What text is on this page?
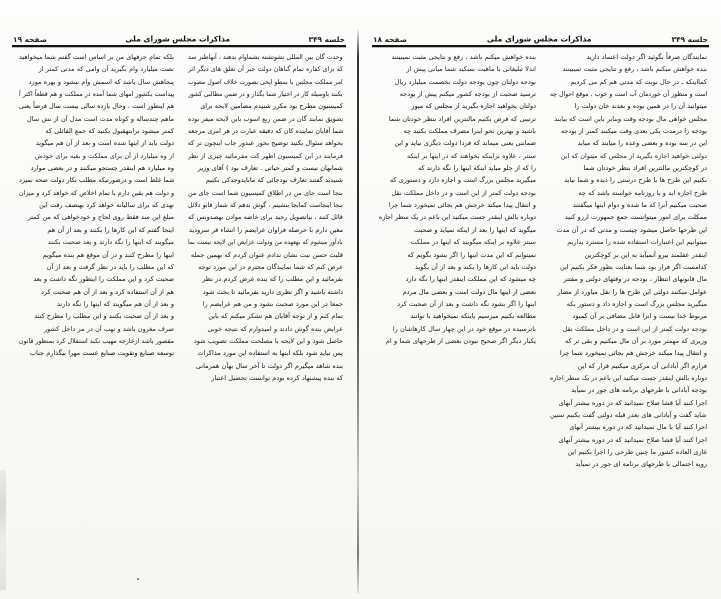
جلسه ۳۴۹
مذاکرات مجلس شورای ملی
صفحه ۱۸
نمایندگان صرفاً بگوئید اگر دولت اعتماد دارید
بنده خواهش میکنم باشد ، رفع و نتایجی مثبت نمیبینند
کمااینکه ـ در حال نوبت که مدتی هم کم می کردیم
است و منظور آن خوردمان آب است و خوب ، موقع احوال چه
میتوانید آن را در همین بوده و بعدند خان دولت را
مجلس خواهی مال بودجه وقت وبنابر باین است که بیابند
بودجه را درمدت یکی بعدی وقت میکنند کمتر از بودجه
این در سه بوده و بعضی وعده را میایند که میاید
دولتی خواهید اجازه بگیرید از مجلس که میتوان که این
در کوچکترین مالنترین افراد بنظر خودتان شما
بکنیم این طرح ها با طرح درستی را دیده و شما نیاید
طرح اجازه اید و با روزنامه خواسته باشد که چه
صحبت میکنیم آنرا که ما شده و دوام اینها میگفتند
ممکلت برای امور میتوانست جمع جمهورت ارزو کنید
این طرحها حاصل میشود چیست و مدتی که در آن مدت
میتوانیم این اعتبارات استفاده شده را مسترد بداریم
اینقدر عقلمند بیرو آنمیآید به این بر کوچکترین
کدامست اگر فرار بود شما بعنایت بطور فکر بکنیم این
مال قانونهای انتظار ، بودجه در وقتهای دولتی و مفتتر
عوامل میکنند دولتی این طرح ها را نقل میاورد از مضار
میگیرید مجلس بزرگ است و اجازه داد و دستور بکه
مربوط خدا نیست و انرا قابل مضافی بر آن کمبود
بودجه دولت کمتر از این است و در داخل مملکت نقل
وزیری که مهمتر مورد بر آن مال میکنیم و بقی تر که
و انتقال پیدا میکند خرجش هم بجائی نمیخورد شما چرا
فرارم اگر آبادانی آن مرکزی میکنیم قرار که این
دوباره بالش اینقدر جست میکنید این باعم در یک سطر اجازه
بودجه آبادانی با طرحهای برنامه های جور در نمیآید
اجرا کنند آیا قشا صلاح نمیدانید که در دوره بیشتر آنهای
شاید گفت و آبادانی های بعدر قبله دولتی گفت یکنیم ستین
احرا کنند آیا با مال نمیدانید که در دوره بیشتر آنهای
اجرا کنند آیا قشا صلاح نمیدانید که در دوره بیشتر آنهای
غازی العاده کشور ما چنین طرحی را اجرا بکنیم این
رویه احتمالی با طرحهای برنامه ای جور در نمیآید
بنده خواهش میکنم باشد ، رفع و نتایجی مثبت نمیبینند
اندلا تبلیغاتی با ماهیت بسکید شما میانی پیش از
بودجه دولتان چون بودجه دولت بخصمت میلیارد ریال
ترسید صحبت از بودجه کشور میکنم پیش از بودجه
دولتان بخواهید اجازه بگیرید از مجلس که مبور
ترتیبی که فرض بکنیم مالنترین افراد بنظر خودتان شما
باشید و بهترین نحو اینرا مصرف مملکت بکنید چه
ضمانتی یعنی میماند که فردا دولت دیگری نیاید و این
سنتر ، علاوه براینکه بخواهند که در اینها بر اینکه
را که از جلو میاید اینکه اینها را نگه دارند که
میگیرید مجلس بزرگ است و اجازه دارد و دستوری که
بودجه دولت کمتر از این است و در داخل مملکت نقل
و انتقال پیدا میکند خرجش هم بجائی نمیخورد شما چرا
دوباره بالش اینقدر جست میکنید این باعم در یک سطر اجازه
میگوید که اینها را بعد از اینکه نمیاید و صحبت
سنتر علاوه بر اینکه میگویند که اینها در مملکت
نمیتوانم که این مدت اینها را اگر بشود بگویم که
دولت باید این کارها را بکند و بعد از آن بگوید
چه میشود که این مملکت اینقدر اینها را نگه دارد
بعضی از اینها مال دولت است و بعضی مال مردم
اینها را اگر بشود نگه داشت و بعد از آن صحبت کرد
مطالعه بکنیم میرسیم باینکه نمیخواهید با توانند
باترسیده در موقع خود در این چهار سال کارهاشان را
یکبار دیگر اگر صحیح نبودن بعضی از طرحهای شما و ام
جلسه ۳۴۹
مذاکرات مجلس شورای ملی
صفحه ۱۹
وحدت گان بین المللی نشوتشته بشماوام بدهند ، آنهاطبر سد
که برای کفاره تمام گناهان دولت جبر آن تعلق های دیگر اثر
امر مملکت مجلس با بمطو ایحی بصورت خلاف اصول مصوب
بکنند باوسیله کار در اختیار شما بگذار و در ضمن مطالبی کشور
کمیسیون مطرح بود مکرر شنیدم مضامین لایحه برای
تصویق نمایند گان در ضمن ربع اسوب باین لایحه میفر بوده
شما آقایان نماینده کان که دقیقه عبارت در هر امری مرجعه
بخواهد سئوال بکنید توضیح بخور عبدور جاب اینچون تر که
فرمایند در این کمیسیون اظهر کت مفرمائید چیزی از نظر
شمایهان نیست و کمتر حیاتی . تعارف بود ) آقای وزیر
شنیدید گفتند تعارف بودجائی که مابایدوجدکی بکنیم
بنجا است جای من در اطلاق کمیسیون شما است جای من
بنجا اینجاست کمابجا بنشیتم ، گوش بدهم که شمار قابو دلائل
قائل کنند ، بیاتصویل رحید برای خاضه موادن بهصدوبس که
مغین دارم با حرصله فراوان عرایضم را انشاء قر سرودید
بادآور میشوم که بهعهده من ودولت عزایض این لایحه نیست بما
قلبت حسن نیت نشان ندادم عنوان کردم که بهمین جمله
عرض کنم که شما نمایندگان محترم در این مورد توجه
بفرمائید و این مطلب را که بنده عرض کردم در نظر
داشته باشید و اگر نظری دارید بفرمائید تا بحث شود
جمعا در این مورد صحبت بشود و من هم عرایضم را
تمام کنم و از توجه آقایان هم تشکر میکنم که باین
عرایض بنده گوش دادند و امیدوارم که نتیجه خوبی
حاصل شود و این لایحه با مصلحت مملکت تصویب شود
پس نباید شود بلکه اینها به استفاده این مورد مذاکرات
بنده شاهد میگیرم اگر دولت تا آخر سال بهآن همزمانی
که بنده پیشنهاد کرده بودم توانست تحصیل اعتبار
بلکه تمام حرفهای من بر اساس است گفتم شما میخواهید
نصت میلیارد وام بگیرید آن وامی که مدتی کمتر از
پنجاهش سال باشد که اسمش وام نبشود و بهره مورد
پیداست بکشور امهای شما آمده در مملکت و هم قطعاً اکثر آ
هم اینطور است ، وحال یازده سالی بیست سال فرضاً یعنی
ماهم چندساله و کوتاه مدت است مدل آن از نش سال
کمتر میشود برایتهقبول بکنید که جمع الفائلی که
دولت یابد از اینها شده است و بعد از آن هم میگوید
از وه میلیارد از آن برای مملکت و بقیه برای خودش
وه میلیارد هم اینقدر جستجو میکنند و در بعضی موارد
شما غلط است و درصورتیکه مطلب بکار دولت صحه نمیزد
و دولت هم یقین دارم با تمام اخلاص که خواهد کرد و میزان
تهدی که برای سالیانه خواهد کرد بهنصف رفت این
مبلغ این سد فقط روی لجاج و خودخواهی که من کمتر
اینجا گفتم که این کارها را بکنند و بعد از آن هم
میگویند که اینها را نگه دارند و بعد صحبت بکنند
اینها را مطرح کنند و در آن موقع هم بنده میگویم
که این مطلب را باید در نظر گرفت و بعد از آن
صحبت کرد و این مملکت را اینطور نگه داشت و بعد
هم از آن استفاده کرد و بعد از آن هم صحبت کرد
و بعد از آن هم میگویند که اینها را نگه دارند
و بعد از آن صحبت بکنند و این مطلب را مطرح کنند
صرف مغرون باشد و نهب آن در مر داخل کشور
مقصور باشد ازخارجه مهیب نکبد استقلال کرد بمنظور قانون
توسعه صنایع وتقویت صنایع عست مهرا بیگذارم جناب
